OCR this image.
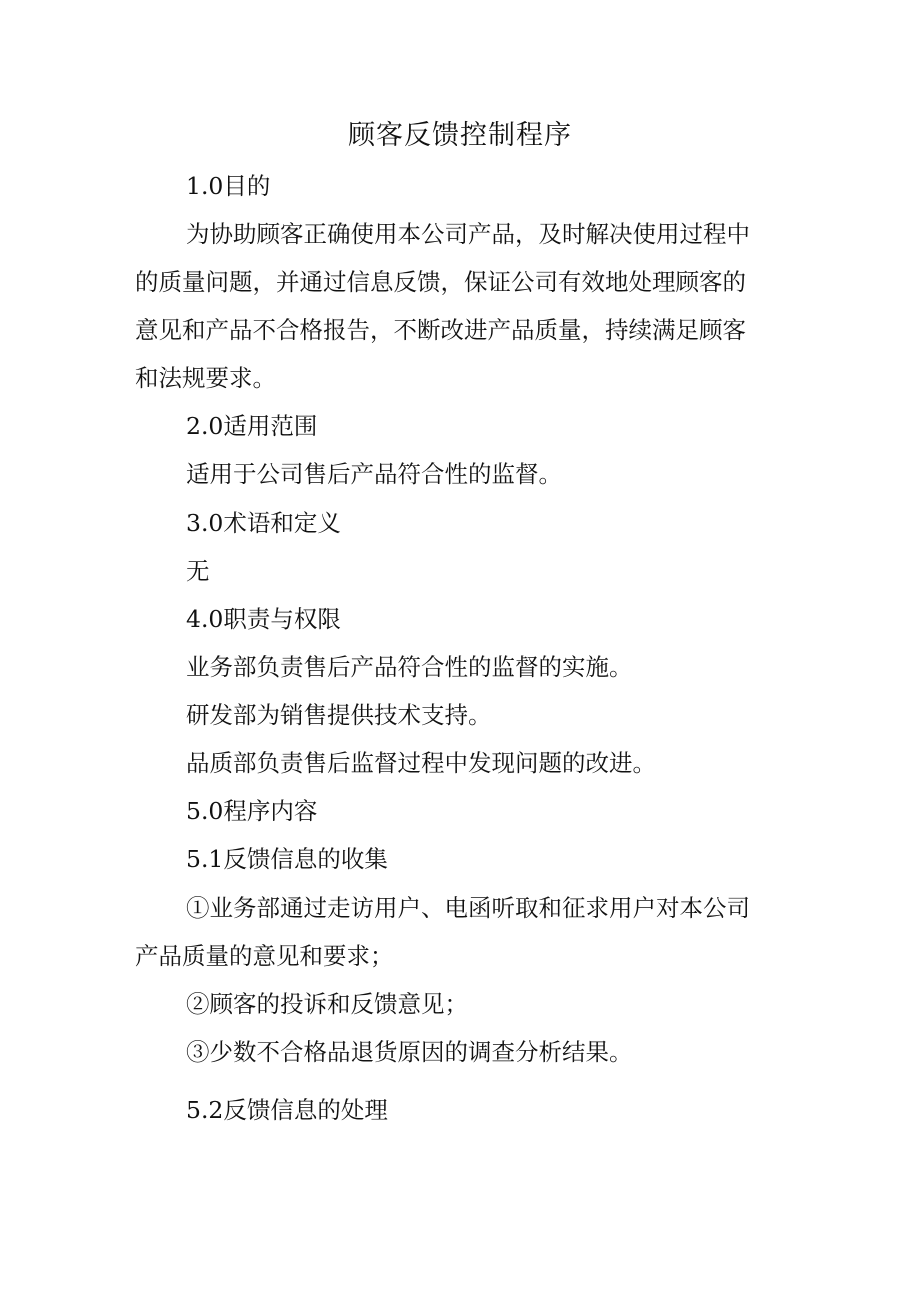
顾客反馈控制程序
1.0目的
为协助顾客正确使用本公司产品，及时解决使用过程中
的质量问题，并通过信息反馈，保证公司有效地处理顾客的
意见和产品不合格报告，不断改进产品质量，持续满足顾客
和法规要求。
2.0适用范围
适用于公司售后产品符合性的监督。
3.0术语和定义
无
4.0职责与权限
业务部负责售后产品符合性的监督的实施。
研发部为销售提供技术支持。
品质部负责售后监督过程中发现问题的改进。
5.0程序内容
5.1反馈信息的收集
①业务部通过走访用户、电函听取和征求用户对本公司
产品质量的意见和要求；
②顾客的投诉和反馈意见；
③少数不合格品退货原因的调查分析结果。
5.2反馈信息的处理
